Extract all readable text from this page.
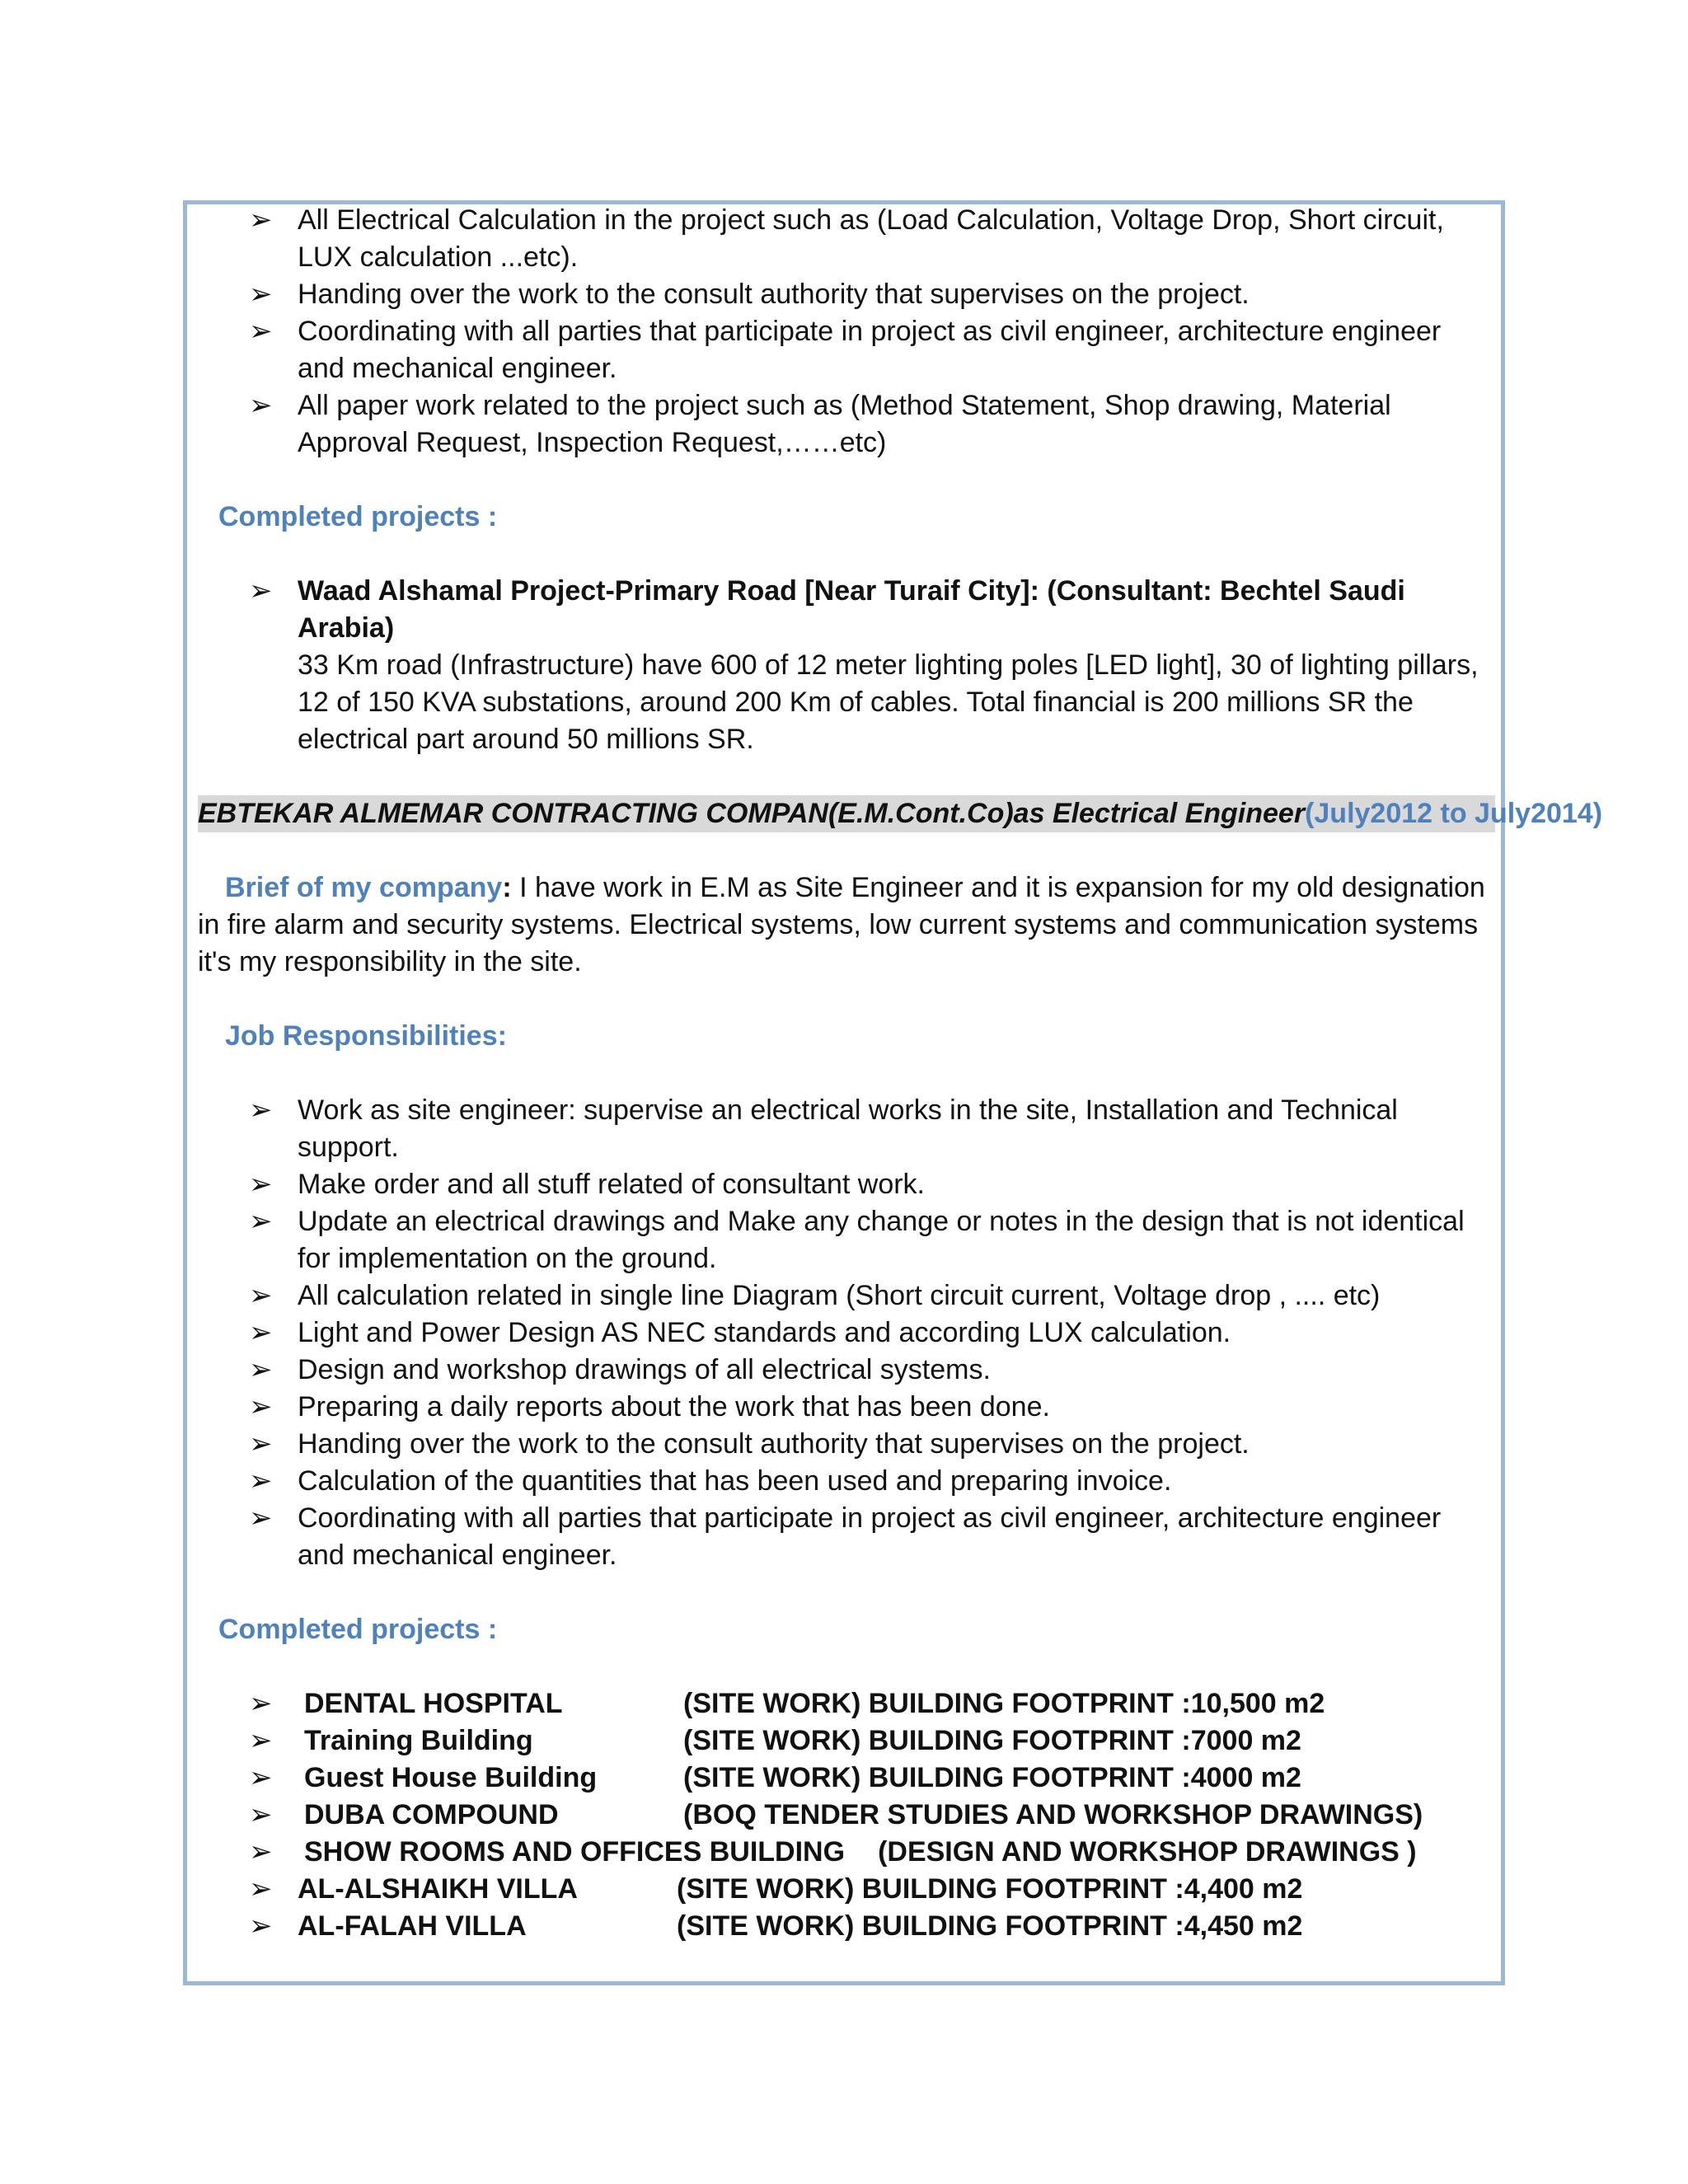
➢ All Electrical Calculation in the project such as (Load Calculation, Voltage Drop, Short circuit, LUX calculation ...etc).
➢ Handing over the work to the consult authority that supervises on the project.
➢ Coordinating with all parties that participate in project as civil engineer, architecture engineer and mechanical engineer.
➢ All paper work related to the project such as (Method Statement, Shop drawing, Material Approval Request, Inspection Request,……etc)
Completed projects :
➢ Waad Alshamal Project-Primary Road [Near Turaif City]: (Consultant: Bechtel Saudi Arabia)
33 Km road (Infrastructure) have 600 of 12 meter lighting poles [LED light], 30 of lighting pillars, 12 of 150 KVA substations, around 200 Km of cables. Total financial is 200 millions SR the electrical part around 50 millions SR.
EBTEKAR ALMEMAR CONTRACTING COMPAN(E.M.Cont.Co)as Electrical Engineer(July2012 to July2014)
Brief of my company: I have work in E.M as Site Engineer and it is expansion for my old designation in fire alarm and security systems. Electrical systems, low current systems and communication systems it's my responsibility in the site.
Job Responsibilities:
➢ Work as site engineer: supervise an electrical works in the site, Installation and Technical support.
➢ Make order and all stuff related of consultant work.
➢ Update an electrical drawings and Make any change or notes in the design that is not identical for implementation on the ground.
➢ All calculation related in single line Diagram (Short circuit current, Voltage drop , .... etc)
➢ Light and Power Design AS NEC standards and according LUX calculation.
➢ Design and workshop drawings of all electrical systems.
➢ Preparing a daily reports about the work that has been done.
➢ Handing over the work to the consult authority that supervises on the project.
➢ Calculation of the quantities that has been used and preparing invoice.
➢ Coordinating with all parties that participate in project as civil engineer, architecture engineer and mechanical engineer.
Completed projects :
➢	DENTAL HOSPITAL	(SITE WORK) BUILDING FOOTPRINT :10,500 m2
➢	Training Building	(SITE WORK) BUILDING FOOTPRINT :7000 m2
➢	Guest House Building	(SITE WORK) BUILDING FOOTPRINT :4000 m2
➢	DUBA COMPOUND	(BOQ TENDER STUDIES AND WORKSHOP DRAWINGS)
➢	SHOW ROOMS AND OFFICES BUILDING (DESIGN AND WORKSHOP DRAWINGS )
➢ AL-ALSHAIKH VILLA	(SITE WORK) BUILDING FOOTPRINT :4,400 m2
➢ AL-FALAH VILLA	(SITE WORK) BUILDING FOOTPRINT :4,450 m2
